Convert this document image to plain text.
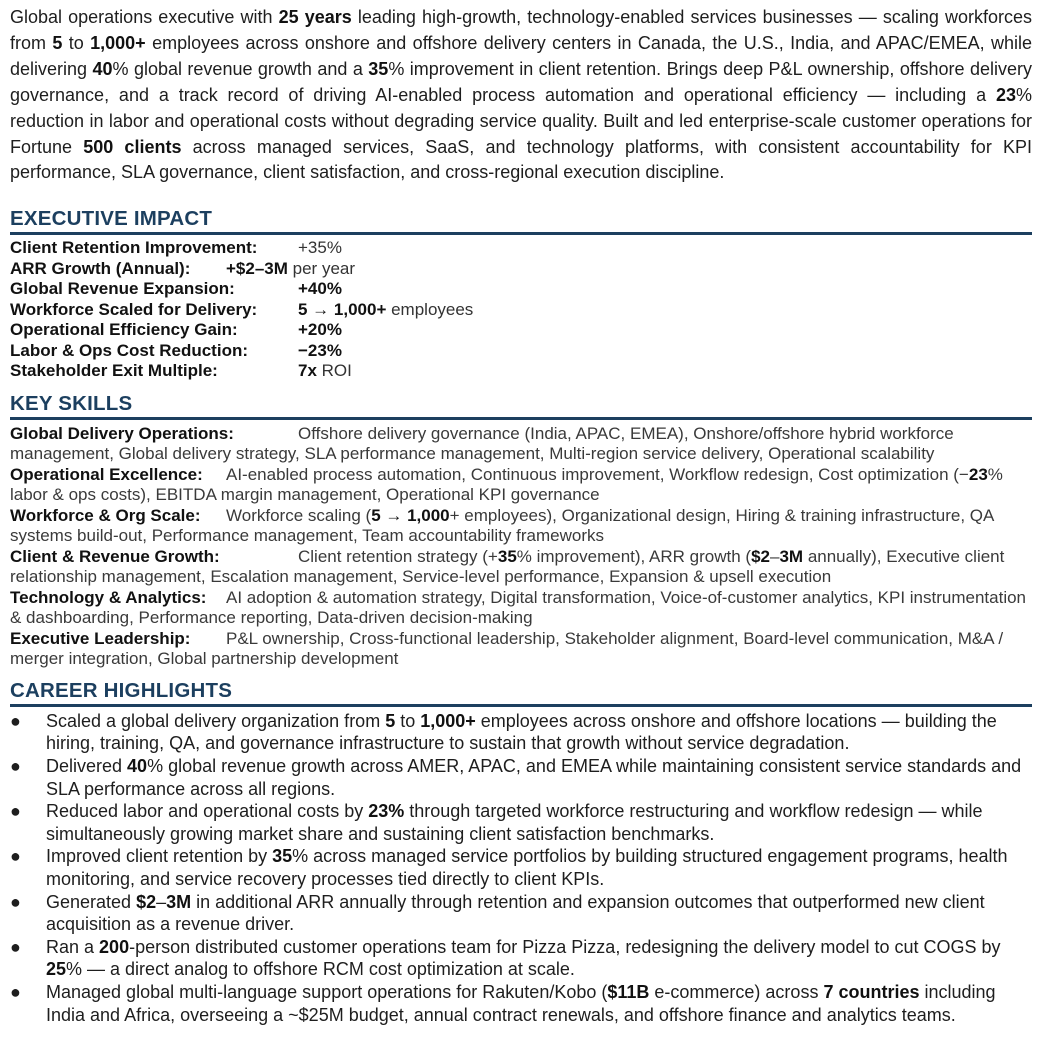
Global operations executive with 25 years leading high-growth, technology-enabled services businesses — scaling workforces from 5 to 1,000+ employees across onshore and offshore delivery centers in Canada, the U.S., India, and APAC/EMEA, while delivering 40% global revenue growth and a 35% improvement in client retention. Brings deep P&L ownership, offshore delivery governance, and a track record of driving AI-enabled process automation and operational efficiency — including a 23% reduction in labor and operational costs without degrading service quality. Built and led enterprise-scale customer operations for Fortune 500 clients across managed services, SaaS, and technology platforms, with consistent accountability for KPI performance, SLA governance, client satisfaction, and cross-regional execution discipline.

EXECUTIVE IMPACT
Client Retention Improvement:	+35%
ARR Growth (Annual):	+$2–3M per year
Global Revenue Expansion:	+40%
Workforce Scaled for Delivery:	5 → 1,000+ employees
Operational Efficiency Gain:	+20%
Labor & Ops Cost Reduction:	−23%
Stakeholder Exit Multiple:	7x ROI
KEY SKILLS
Global Delivery Operations:	Offshore delivery governance (India, APAC, EMEA), Onshore/offshore hybrid workforce management, Global delivery strategy, SLA performance management, Multi-region service delivery, Operational scalability
Operational Excellence: AI-enabled process automation, Continuous improvement, Workflow redesign, Cost optimization (−23% labor & ops costs), EBITDA margin management, Operational KPI governance
Workforce & Org Scale: Workforce scaling (5 → 1,000+ employees), Organizational design, Hiring & training infrastructure, QA systems build-out, Performance management, Team accountability frameworks
Client & Revenue Growth:	Client retention strategy (+35% improvement), ARR growth ($2–3M annually), Executive client relationship management, Escalation management, Service-level performance, Expansion & upsell execution
Technology & Analytics: AI adoption & automation strategy, Digital transformation, Voice-of-customer analytics, KPI instrumentation & dashboarding, Performance reporting, Data-driven decision-making
Executive Leadership: P&L ownership, Cross-functional leadership, Stakeholder alignment, Board-level communication, M&A / merger integration, Global partnership development
CAREER HIGHLIGHTS
● Scaled a global delivery organization from 5 to 1,000+ employees across onshore and offshore locations — building the hiring, training, QA, and governance infrastructure to sustain that growth without service degradation.
● Delivered 40% global revenue growth across AMER, APAC, and EMEA while maintaining consistent service standards and SLA performance across all regions.
● Reduced labor and operational costs by 23% through targeted workforce restructuring and workflow redesign — while simultaneously growing market share and sustaining client satisfaction benchmarks.
● Improved client retention by 35% across managed service portfolios by building structured engagement programs, health monitoring, and service recovery processes tied directly to client KPIs.
● Generated $2–3M in additional ARR annually through retention and expansion outcomes that outperformed new client acquisition as a revenue driver.
● Ran a 200-person distributed customer operations team for Pizza Pizza, redesigning the delivery model to cut COGS by 25% — a direct analog to offshore RCM cost optimization at scale.
● Managed global multi-language support operations for Rakuten/Kobo ($11B e-commerce) across 7 countries including India and Africa, overseeing a ~$25M budget, annual contract renewals, and offshore finance and analytics teams.
